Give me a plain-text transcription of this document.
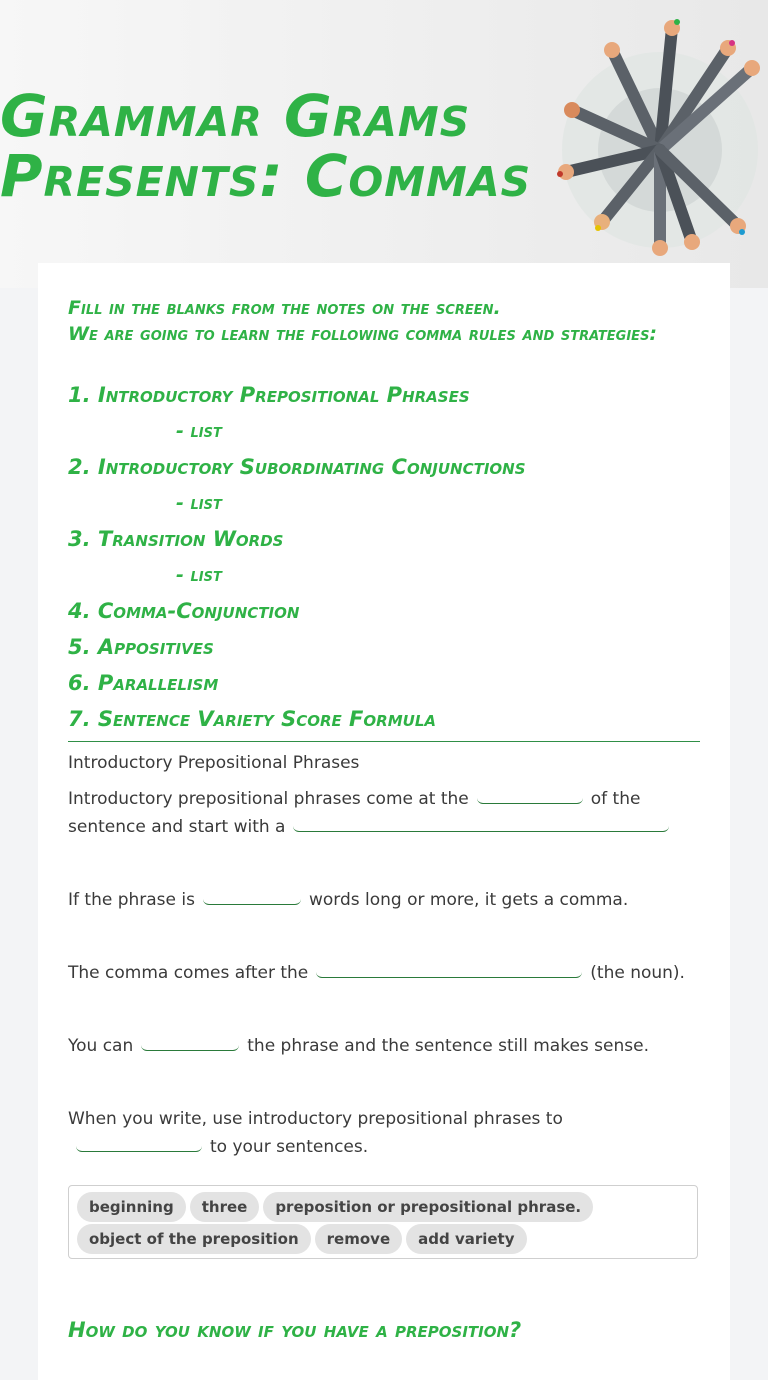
Grammar Grams
Presents: Commas

Fill in the blanks from the notes on the screen.

We are going to learn the following comma rules and strategies:

1. Introductory Prepositional Phrases
- list
2. Introductory Subordinating Conjunctions
- list
3. Transition Words
- list
4. Comma-Conjunction
5. Appositives
6. Parallelism
7. Sentence Variety Score Formula
Introductory Prepositional Phrases
Introductory prepositional phrases come at the	of the sentence and start with a
If the phrase is	words long or more, it gets a comma.
The comma comes after the	(the noun).
You can	the phrase and the sentence still makes sense.
When you write, use introductory prepositional phrases toto your sentences.
beginning three preposition or prepositional phrase.
object of the preposition remove add variety
How do you know if you have a preposition?
